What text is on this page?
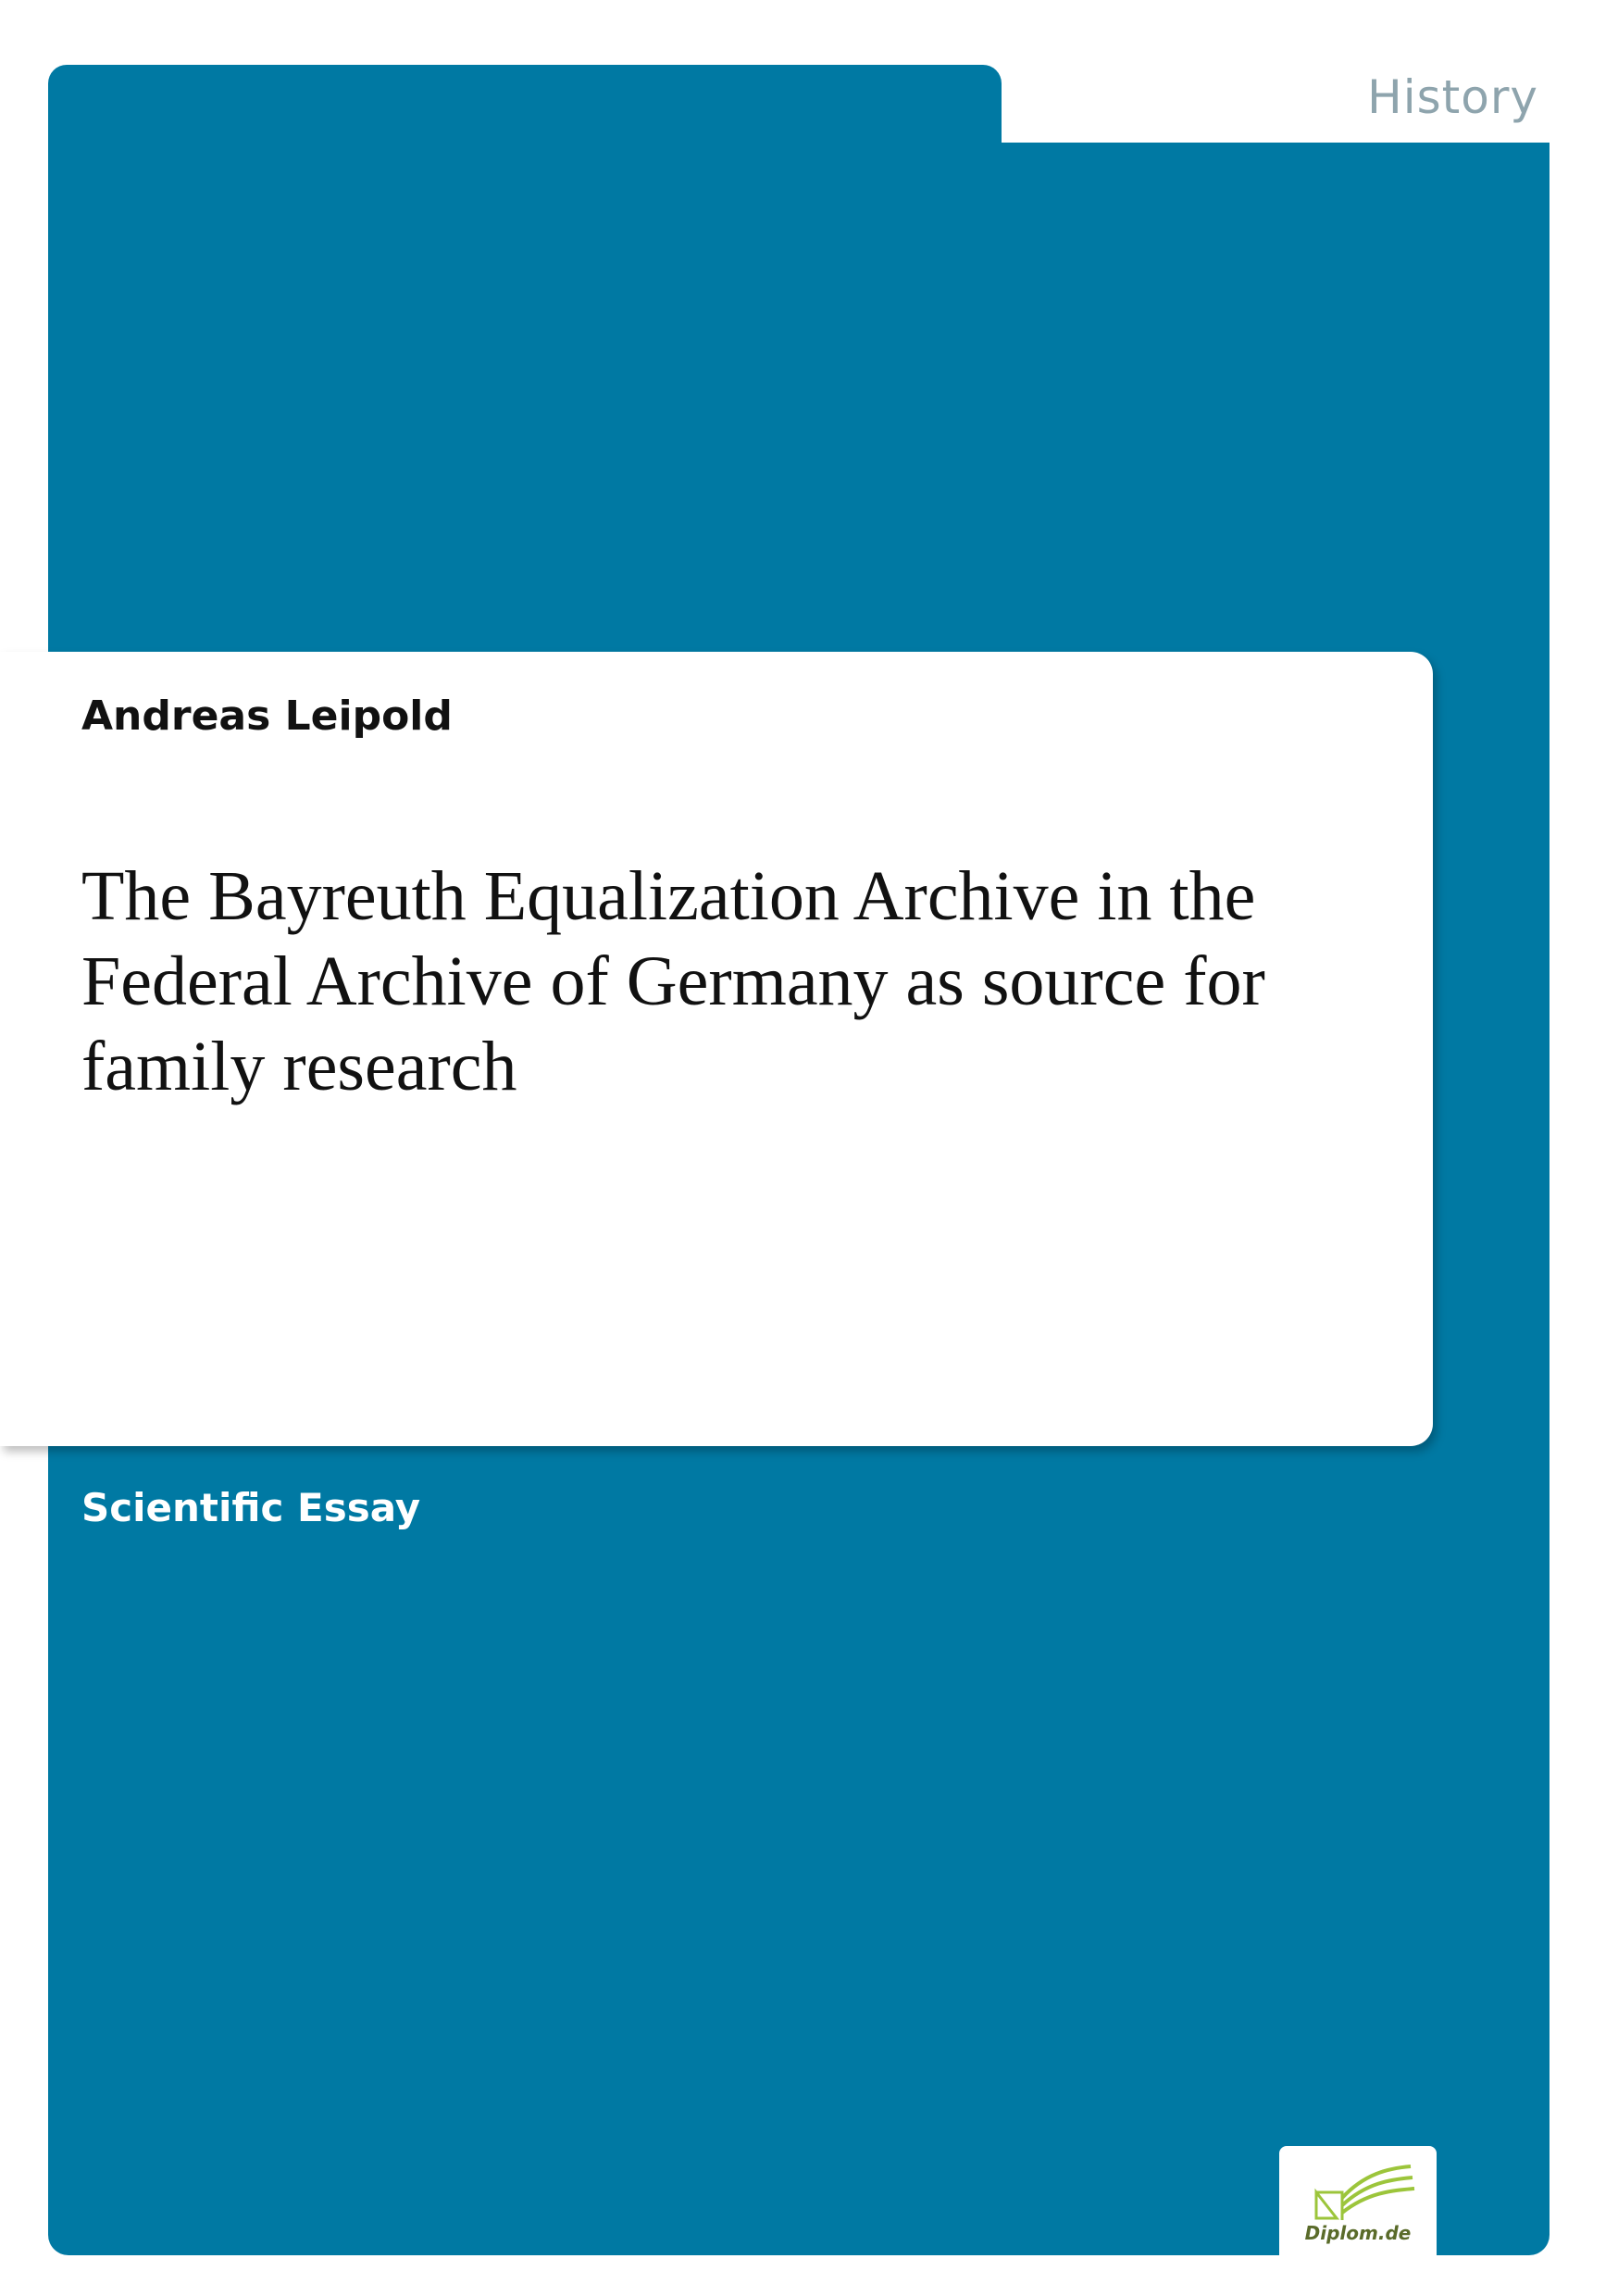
History
Andreas Leipold
The Bayreuth Equalization Archive in the Federal Archive of Germany as source for family research
Scientific Essay
Diplom.de
